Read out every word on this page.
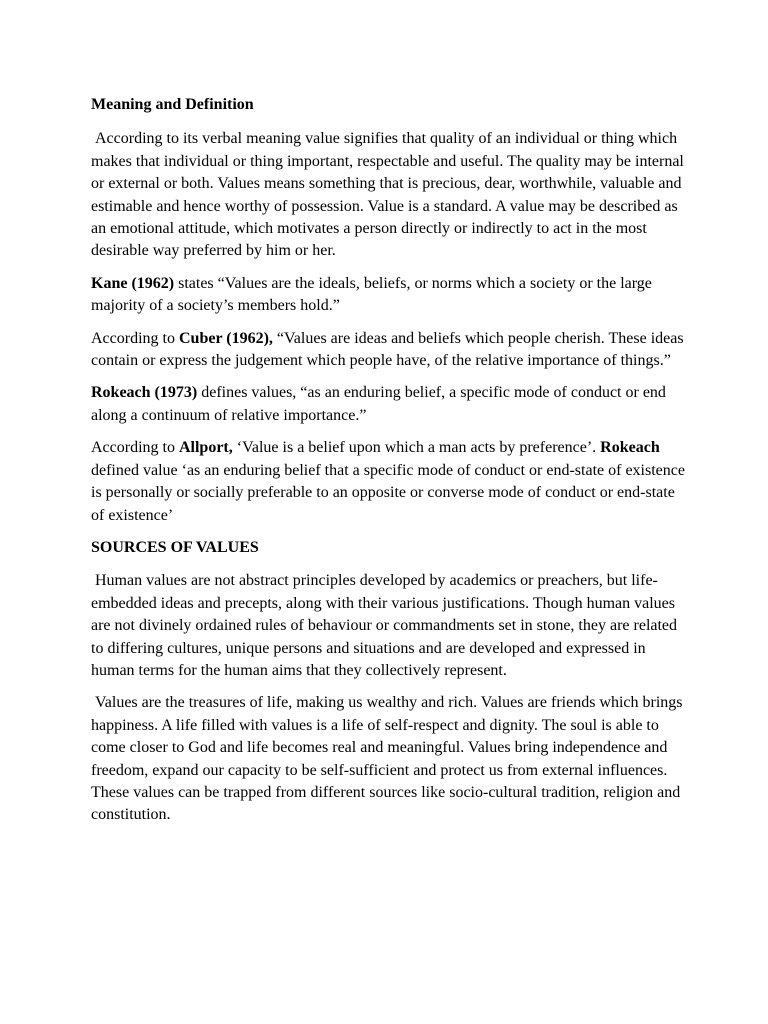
Meaning and Definition

According to its verbal meaning value signifies that quality of an individual or thing which makes that individual or thing important, respectable and useful. The quality may be internal or external or both. Values means something that is precious, dear, worthwhile, valuable and estimable and hence worthy of possession. Value is a standard. A value may be described as an emotional attitude, which motivates a person directly or indirectly to act in the most desirable way preferred by him or her.

Kane (1962) states “Values are the ideals, beliefs, or norms which a society or the large majority of a society’s members hold.”

According to Cuber (1962), “Values are ideas and beliefs which people cherish. These ideas contain or express the judgement which people have, of the relative importance of things.”

Rokeach (1973) defines values, “as an enduring belief, a specific mode of conduct or end along a continuum of relative importance.”

According to Allport, ‘Value is a belief upon which a man acts by preference’. Rokeach defined value ‘as an enduring belief that a specific mode of conduct or end-state of existence is personally or socially preferable to an opposite or converse mode of conduct or end-state of existence’

SOURCES OF VALUES

Human values are not abstract principles developed by academics or preachers, but life-embedded ideas and precepts, along with their various justifications. Though human values are not divinely ordained rules of behaviour or commandments set in stone, they are related to differing cultures, unique persons and situations and are developed and expressed in human terms for the human aims that they collectively represent.

Values are the treasures of life, making us wealthy and rich. Values are friends which brings happiness. A life filled with values is a life of self-respect and dignity. The soul is able to come closer to God and life becomes real and meaningful. Values bring independence and freedom, expand our capacity to be self-sufficient and protect us from external influences. These values can be trapped from different sources like socio-cultural tradition, religion and constitution.
